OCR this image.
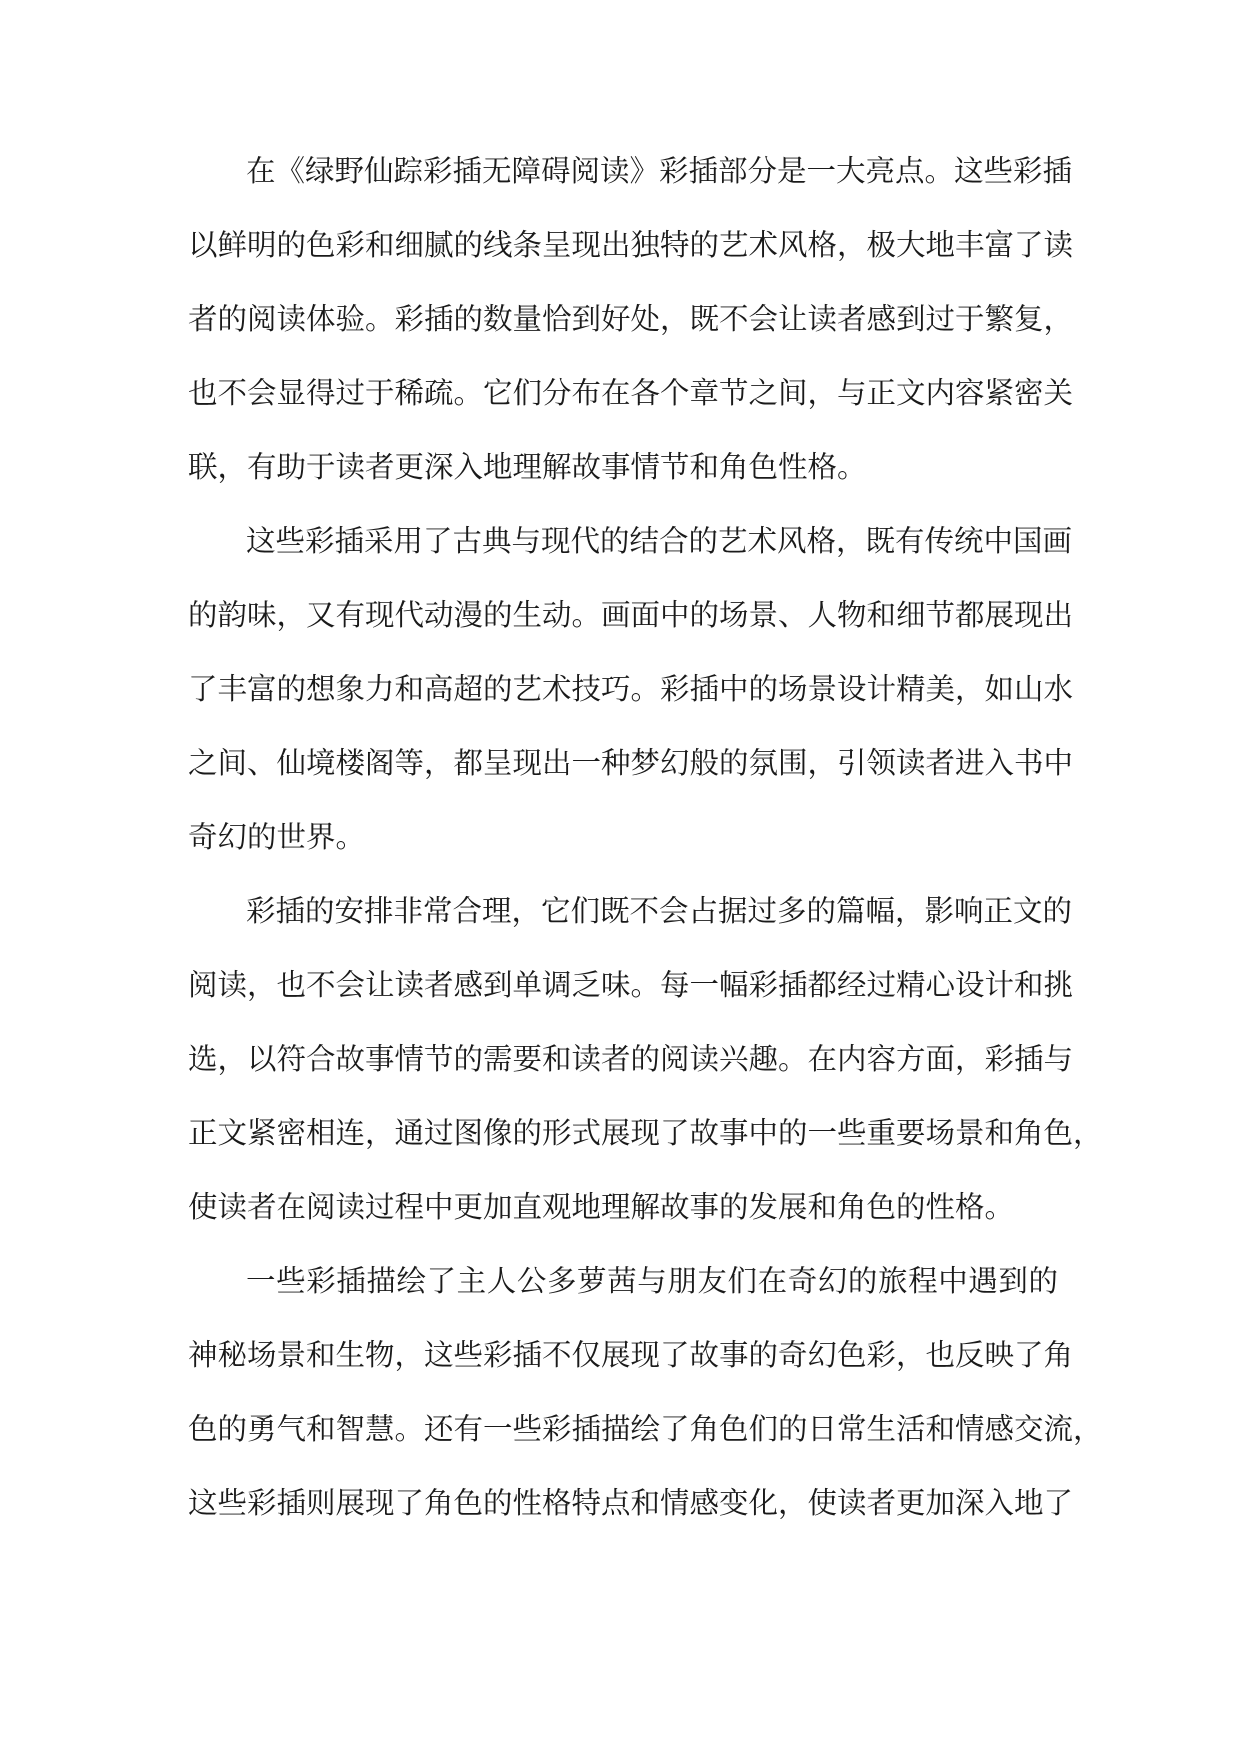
在《绿野仙踪彩插无障碍阅读》彩插部分是一大亮点。这些彩插
以鲜明的色彩和细腻的线条呈现出独特的艺术风格，极大地丰富了读
者的阅读体验。彩插的数量恰到好处，既不会让读者感到过于繁复，
也不会显得过于稀疏。它们分布在各个章节之间，与正文内容紧密关
联，有助于读者更深入地理解故事情节和角色性格。
这些彩插采用了古典与现代的结合的艺术风格，既有传统中国画
的韵味，又有现代动漫的生动。画面中的场景、人物和细节都展现出
了丰富的想象力和高超的艺术技巧。彩插中的场景设计精美，如山水
之间、仙境楼阁等，都呈现出一种梦幻般的氛围，引领读者进入书中
奇幻的世界。
彩插的安排非常合理，它们既不会占据过多的篇幅，影响正文的
阅读，也不会让读者感到单调乏味。每一幅彩插都经过精心设计和挑
选，以符合故事情节的需要和读者的阅读兴趣。在内容方面，彩插与
正文紧密相连，通过图像的形式展现了故事中的一些重要场景和角色，
使读者在阅读过程中更加直观地理解故事的发展和角色的性格。
一些彩插描绘了主人公多萝茜与朋友们在奇幻的旅程中遇到的
神秘场景和生物，这些彩插不仅展现了故事的奇幻色彩，也反映了角
色的勇气和智慧。还有一些彩插描绘了角色们的日常生活和情感交流，
这些彩插则展现了角色的性格特点和情感变化，使读者更加深入地了
